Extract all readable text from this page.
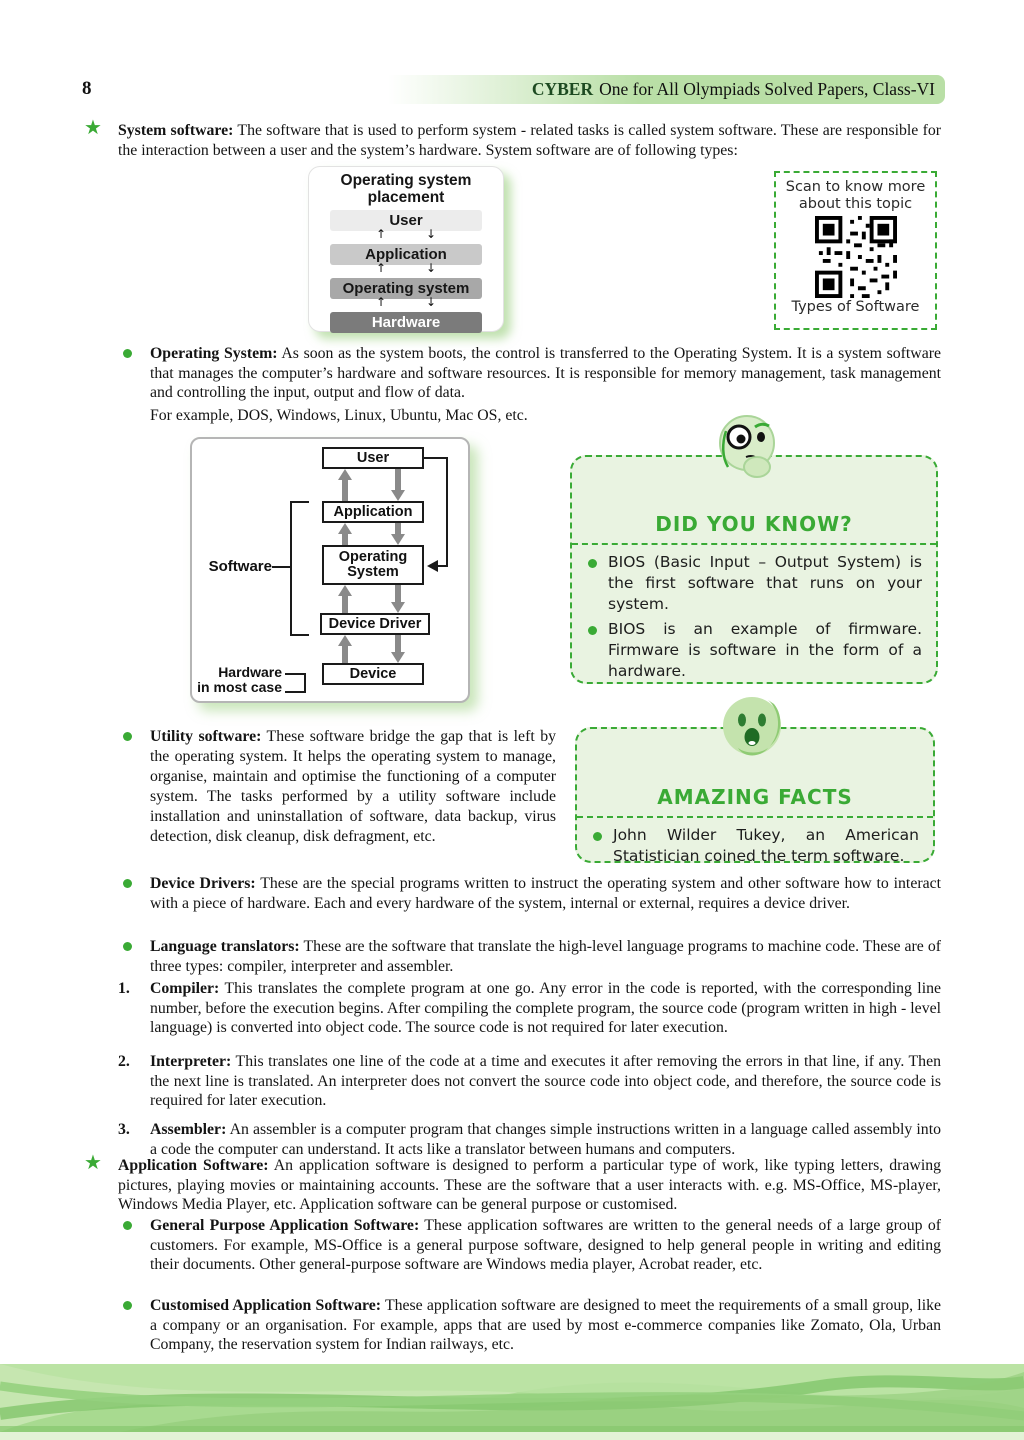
8	CYBER One for All Olympiads Solved Papers, Class-VI
★ System software: The software that is used to perform system - related tasks is called system software. These are responsible for the interaction between a user and the system’s hardware. System software are of following types:
Operating system
placement
User
↑	↓
Application
↑	↓
Operating system
↑	↓
Hardware
Scan to know more
about this topic
Types of Software
Operating System: As soon as the system boots, the control is transferred to the Operating System. It is a system software that manages the computer’s hardware and software resources. It is responsible for memory management, task management and controlling the input, output and flow of data.
For example, DOS, Windows, Linux, Ubuntu, Mac OS, etc.
User
Application
Operating System
Device Driver
Device
Software
Hardware
in most case
DID YOU KNOW?
BIOS (Basic Input – Output System) is the first software that runs on your system.
BIOS is an example of firmware. Firmware is software in the form of a hardware.
Utility software: These software bridge the gap that is left by the operating system. It helps the operating system to manage, organise, maintain and optimise the functioning of a computer system. The tasks performed by a utility software include installation and uninstallation of software, data backup, virus detection, disk cleanup, disk defragment, etc.
AMAZING FACTS
John Wilder Tukey, an American Statistician coined the term software.
Device Drivers: These are the special programs written to instruct the operating system and other software how to interact with a piece of hardware. Each and every hardware of the system, internal or external, requires a device driver.
Language translators: These are the software that translate the high-level language programs to machine code. These are of three types: compiler, interpreter and assembler.
1. Compiler: This translates the complete program at one go. Any error in the code is reported, with the corresponding line number, before the execution begins. After compiling the complete program, the source code (program written in high - level language) is converted into object code. The source code is not required for later execution.
2. Interpreter: This translates one line of the code at a time and executes it after removing the errors in that line, if any. Then the next line is translated. An interpreter does not convert the source code into object code, and therefore, the source code is required for later execution.
3. Assembler: An assembler is a computer program that changes simple instructions written in a language called assembly into a code the computer can understand. It acts like a translator between humans and computers.
★ Application Software: An application software is designed to perform a particular type of work, like typing letters, drawing pictures, playing movies or maintaining accounts. These are the software that a user interacts with. e.g. MS-Office, MS-player, Windows Media Player, etc. Application software can be general purpose or customised.
General Purpose Application Software: These application softwares are written to the general needs of a large group of customers. For example, MS-Office is a general purpose software, designed to help general people in writing and editing their documents. Other general-purpose software are Windows media player, Acrobat reader, etc.
Customised Application Software: These application software are designed to meet the requirements of a small group, like a company or an organisation. For example, apps that are used by most e-commerce companies like Zomato, Ola, Urban Company, the reservation system for Indian railways, etc.
